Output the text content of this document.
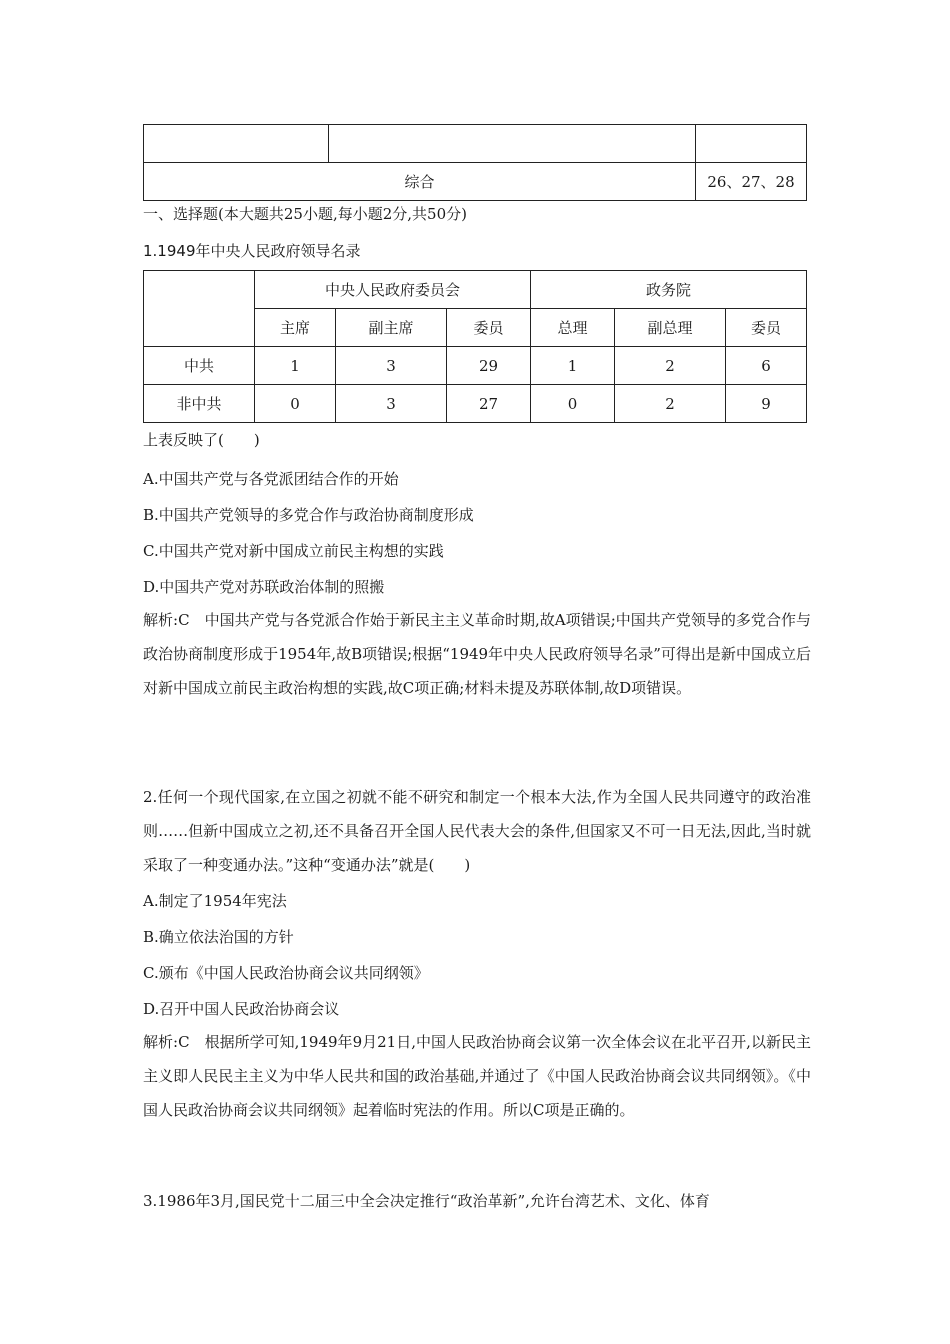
综合		26、27、28
一、选择题(本大题共25小题,每小题2分,共50分)
1.1949年中央人民政府领导名录
	中央人民政府委员会			政务院		
	主席	副主席	委员	总理	副总理	委员
中共	1	3	29	1	2	6
非中共	0	3	27	0	2	9
上表反映了(　　)
A.中国共产党与各党派团结合作的开始
B.中国共产党领导的多党合作与政治协商制度形成
C.中国共产党对新中国成立前民主构想的实践
D.中国共产党对苏联政治体制的照搬
解析:C　中国共产党与各党派合作始于新民主主义革命时期,故A项错误;中国共产党领导的多党合作与政治协商制度形成于1954年,故B项错误;根据“1949年中央人民政府领导名录”可得出是新中国成立后对新中国成立前民主政治构想的实践,故C项正确;材料未提及苏联体制,故D项错误。
2.任何一个现代国家,在立国之初就不能不研究和制定一个根本大法,作为全国人民共同遵守的政治准则……但新中国成立之初,还不具备召开全国人民代表大会的条件,但国家又不可一日无法,因此,当时就采取了一种变通办法。”这种“变通办法”就是(　　)
A.制定了1954年宪法
B.确立依法治国的方针
C.颁布《中国人民政治协商会议共同纲领》
D.召开中国人民政治协商会议
解析:C　根据所学可知,1949年9月21日,中国人民政治协商会议第一次全体会议在北平召开,以新民主主义即人民民主主义为中华人民共和国的政治基础,并通过了《中国人民政治协商会议共同纲领》。《中国人民政治协商会议共同纲领》起着临时宪法的作用。所以C项是正确的。
3.1986年3月,国民党十二届三中全会决定推行“政治革新”,允许台湾艺术、文化、体育
